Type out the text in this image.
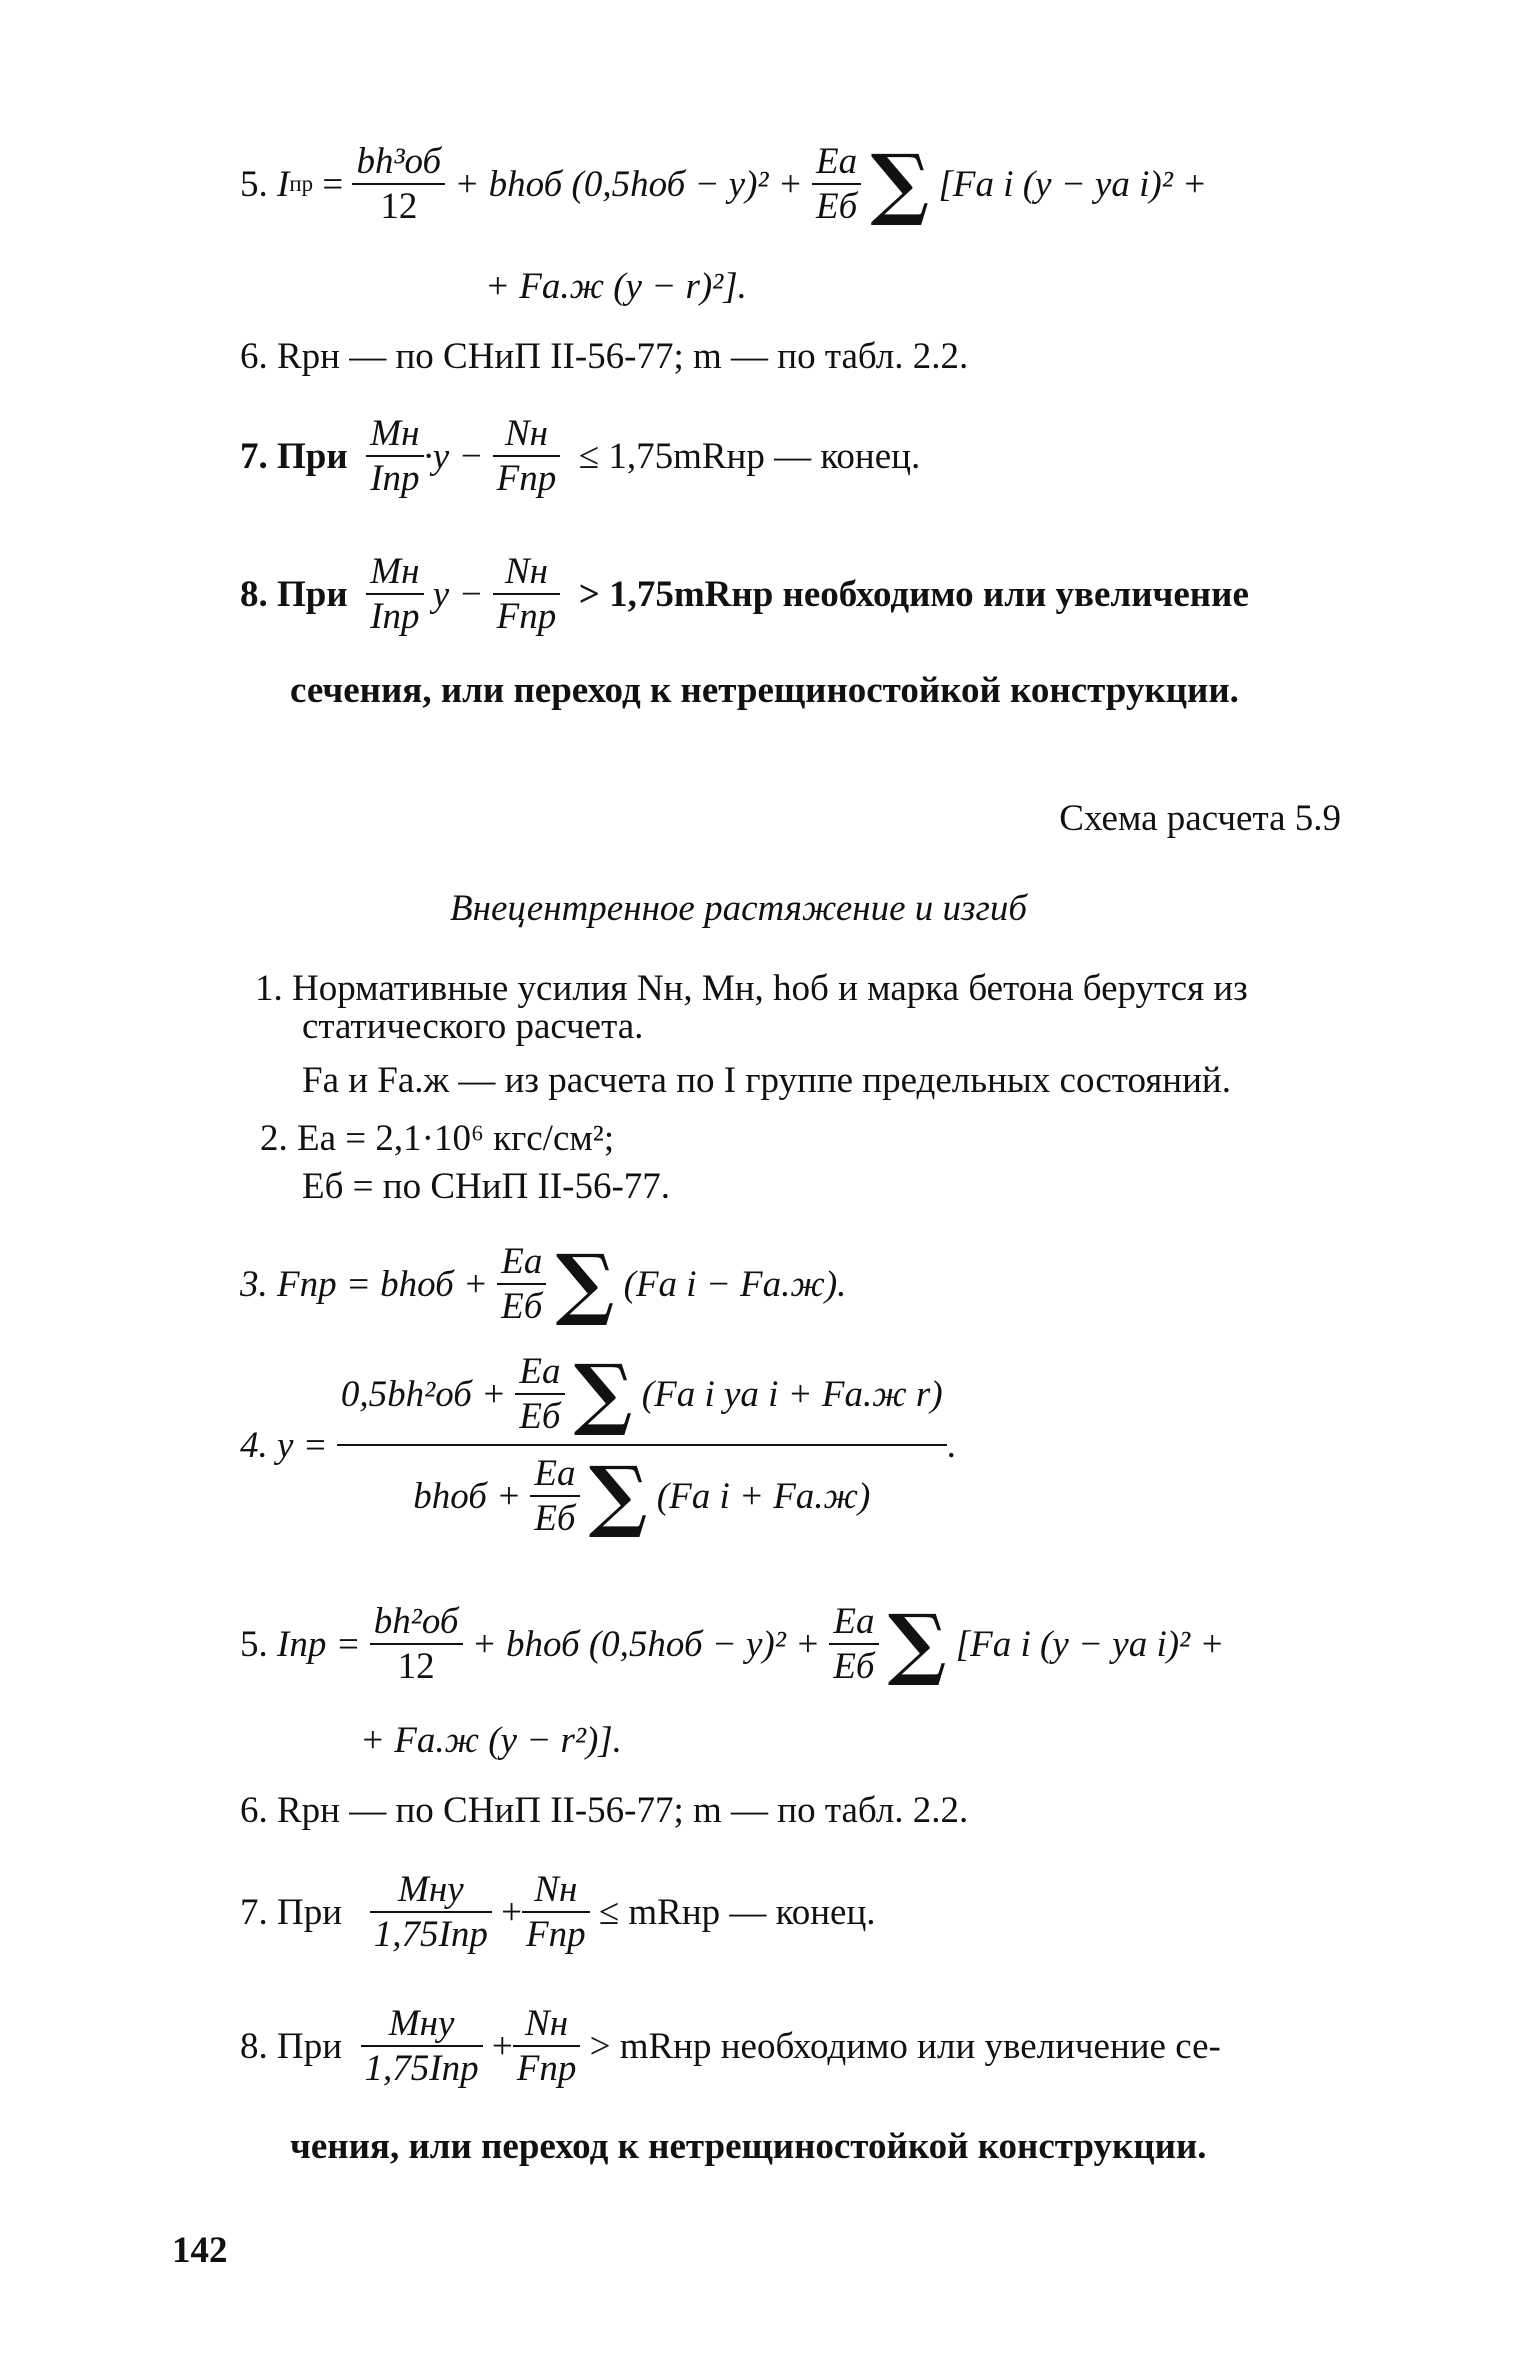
5.
I пр = $\frac{\text{bh³об}}{12}$
+ bhоб (0,5hоб − y)² +
$\frac{Eа}{Eб}$
∑
[Fа i (y − yа i)² +
+ Fа.ж (y − r)²].
6. Rрн — по СНиП II-56-77; m — по табл. 2.2.
7. При
$\frac{Mн}{\text{Iпр}} \cdot y$ −
$\frac{Nн}{\text{Fпр}}$
≤ 1,75mRнр — конец.
8. При
$\frac{Mн}{\text{Iпр}}$
y −
$\frac{Nн}{\text{Fпр}}$
> 1,75mRнр необходимо или увеличение
сечения, или переход к нетрещиностойкой конструкции.
Схема расчета 5.9
Внецентренное растяжение и изгиб
1. Нормативные усилия Nн, Mн, hоб и марка бетона берутся из
статического расчета.
Fа и Fа.ж — из расчета по I группе предельных состояний.
2. Eа = 2,1·10⁶ кгс/см²;
Eб = по СНиП II-56-77.
3. Fпр = bhоб +
$\frac{Eа}{Eб}$
∑
(Fа i − Fа.ж).
4. y =

0,5bh²об +
$\frac{Eа}{Eб}$
∑
(Fа i yа i + Fа.ж r)
bhоб +
$\frac{Eа}{Eб}$
∑
(Fа i + Fа.ж)
.
5.
Iпр =
$\frac{\text{bh²об}}{12}$
+ bhоб (0,5hоб − y)² +
$\frac{Eа}{Eб}$
∑
[Fа i (y − yа i)² +
+ Fа.ж (y − r²)].
6. Rрн — по СНиП II-56-77; m — по табл. 2.2.
7. При
$\frac{\text{Mнy}}{\text{1,75Iпр}}$
+ $\frac{Nн}{\text{Fпр}}$
≤ mRнр — конец.
8. При
$\frac{\text{Mнy}}{\text{1,75Iпр}}$
+ $\frac{Nн}{\text{Fпр}}$
> mRнр необходимо или увеличение се-
чения, или переход к нетрещиностойкой конструкции.
142
